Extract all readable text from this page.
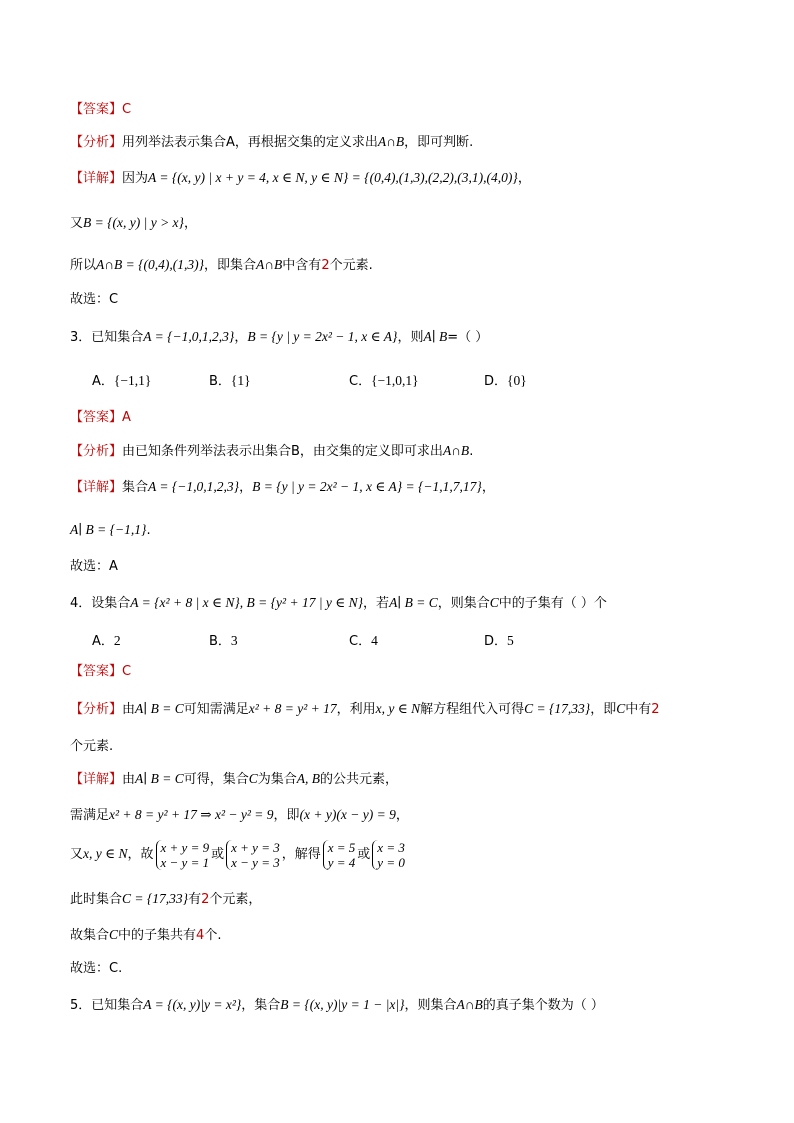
【答案】C
【分析】用列举法表示集合A，再根据交集的定义求出A∩B，即可判断.
【详解】因为A = {(x, y) | x + y = 4, x ∈ N, y ∈ N} = {(0,4),(1,3),(2,2),(3,1),(4,0)}，
又B = {(x, y) | y > x}，
所以A∩B = {(0,4),(1,3)}，即集合A∩B中含有2个元素.
故选：C
3．已知集合A = {−1,0,1,2,3}，B = {y | y = 2x² − 1, x ∈ A}，则A∣ B=（ ）
A．{−1,1}	B．{1}	C．{−1,0,1}	D．{0}
【答案】A
【分析】由已知条件列举法表示出集合B，由交集的定义即可求出A∩B.
【详解】集合A = {−1,0,1,2,3}，B = {y | y = 2x² − 1, x ∈ A} = {−1,1,7,17}，
A∣ B = {−1,1}.
故选：A
4．设集合A = {x² + 8 | x ∈ N}, B = {y² + 17 | y ∈ N}，若A∣ B = C，则集合C中的子集有（ ）个
A．2	B．3	C．4	D．5
【答案】C
【分析】由A∣ B = C可知需满足x² + 8 = y² + 17，利用x, y ∈ N解方程组代入可得C = {17,33}，即C中有2
个元素.
【详解】由A∣ B = C可得，集合C为集合A, B的公共元素，
需满足x² + 8 = y² + 17 ⇒ x² − y² = 9，即(x + y)(x − y) = 9，
又x, y ∈ N，故 x + y = 9
x − y = 1 或 x + y = 3
x − y = 3 ，解得 x = 5
y = 4 或 x = 3
y = 0
此时集合C = {17,33}有2个元素，
故集合C中的子集共有4个.
故选：C.
5．已知集合A = {(x, y)|y = x²}，集合B = {(x, y)|y = 1 − |x|}，则集合A∩B的真子集个数为（ ）
